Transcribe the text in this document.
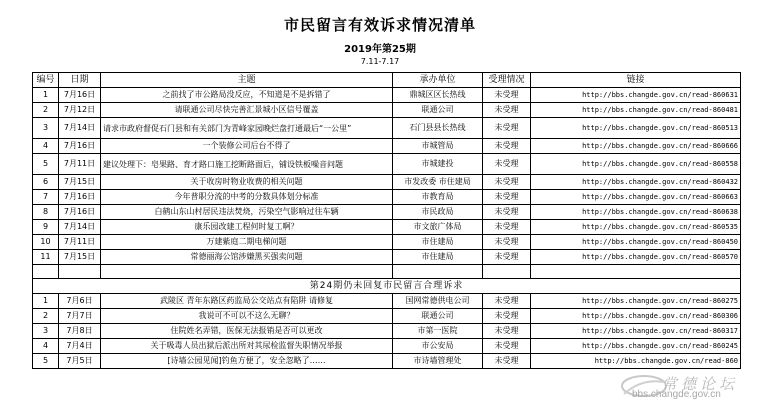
市民留言有效诉求情况清单
2019年第25期
7.11-7.17
编号	日期	主题	承办单位	受理情况	链接
1	7月16日	之前找了市公路局没反应，不知道是不是拆错了	鼎城区区长热线	未受理	http://bbs.changde.gov.cn/read-860631
2	7月12日	请联通公司尽快完善汇景城小区信号覆盖	联通公司	未受理	http://bbs.changde.gov.cn/read-860481
3	7月14日	请求市政府督促石门县和有关部门为青峰家园晚烂盘打通最后“一公里”	石门县县长热线	未受理	http://bbs.changde.gov.cn/read-860513
4	7月16日	一个装修公司后台不得了	市城管局	未受理	http://bbs.changde.gov.cn/read-860666
5	7月11日	建议处理下：皂果路、育才路口施工挖断路面后，铺设铁板噪音问题	市城建投	未受理	http://bbs.changde.gov.cn/read-860558
6	7月15日	关于收房时物业收费的相关问题	市发改委 市住建局	未受理	http://bbs.changde.gov.cn/read-860432
7	7月16日	今年普职分流的中考的分数具体划分标准	市教育局	未受理	http://bbs.changde.gov.cn/read-860663
8	7月16日	白鹤山东山村居民违法焚烧，污染空气影响过往车辆	市民政局	未受理	http://bbs.changde.gov.cn/read-860638
9	7月14日	康乐园改建工程何时复工啊？	市文旅广体局	未受理	http://bbs.changde.gov.cn/read-860535
10	7月11日	万建紫庭二期电梯问题	市住建局	未受理	http://bbs.changde.gov.cn/read-860450
11	7月15日	常德丽海公馆涉嫌黑买强卖问题	市住建局	未受理	http://bbs.changde.gov.cn/read-860570

第24期仍未回复市民留言合理诉求					
1	7月6日	武陵区 青年东路区药监局公交站点有陷阱 请修复	国网常德供电公司	未受理	http://bbs.changde.gov.cn/read-860275
2	7月7日	我说可不可以不这么无聊？	联通公司	未受理	http://bbs.changde.gov.cn/read-860306
3	7月8日	住院姓名弄错，医保无法报销是否可以更改	市第一医院	未受理	http://bbs.changde.gov.cn/read-860317
4	7月4日	关于吸毒人员出狱后派出所对其尿检监督失职情况举报	市公安局	未受理	http://bbs.changde.gov.cn/read-860245
5	7月5日	[诗墙公园见闻]钓鱼方便了，安全忽略了……	市诗墙管理处	未受理	http://bbs.changde.gov.cn/read-860
常德论坛
bbs.changde.gov.cn
